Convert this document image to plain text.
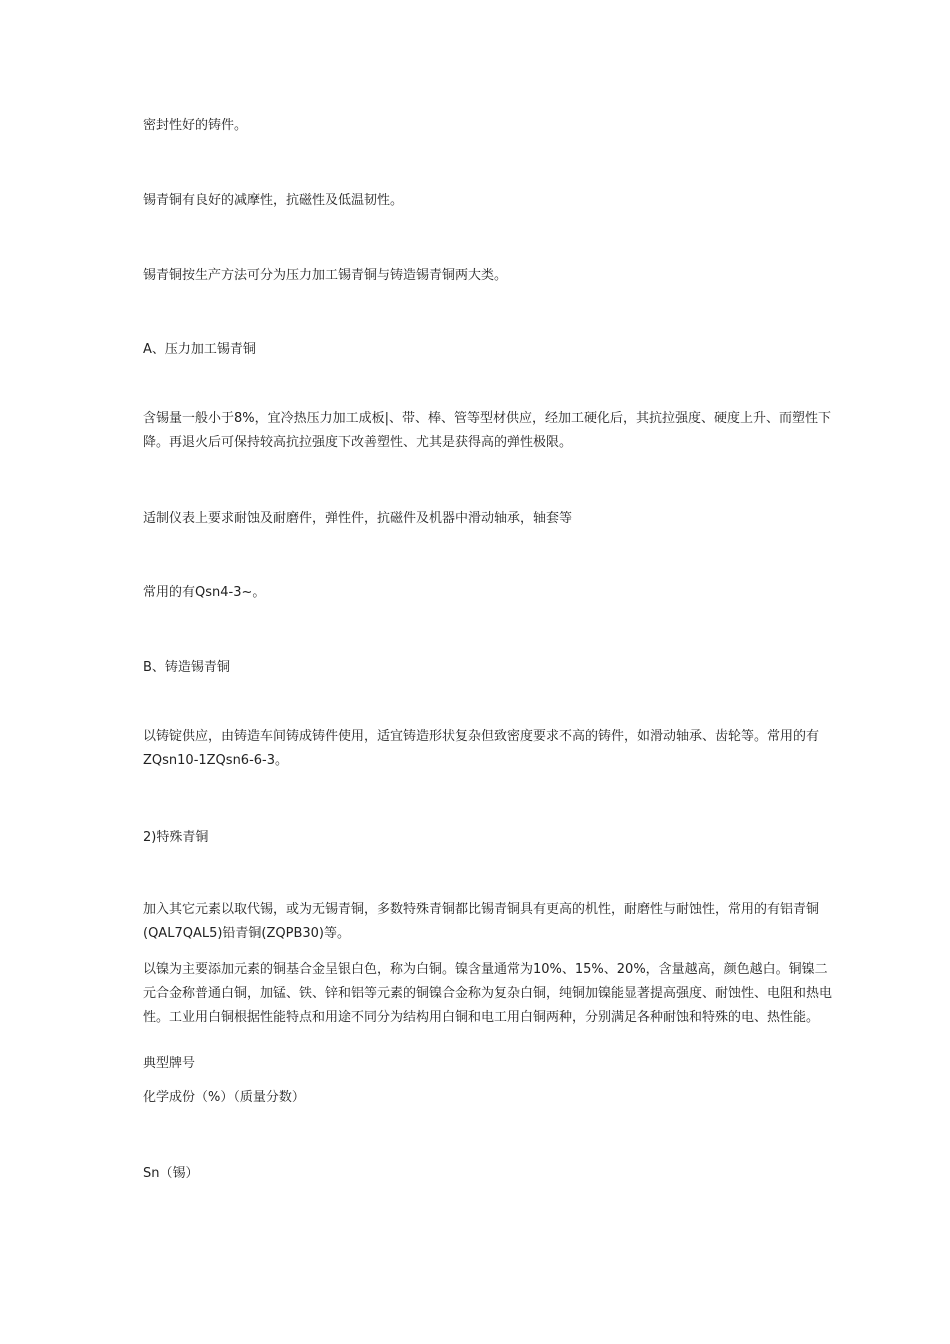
密封性好的铸件。

锡青铜有良好的减摩性，抗磁性及低温韧性。

锡青铜按生产方法可分为压力加工锡青铜与铸造锡青铜两大类。

A、压力加工锡青铜

含锡量一般小于8%，宜冷热压力加工成板|、带、棒、管等型材供应，经加工硬化后，其抗拉强度、硬度上升、而塑性下降。再退火后可保持较高抗拉强度下改善塑性、尤其是获得高的弹性极限。

适制仪表上要求耐蚀及耐磨件，弹性件，抗磁件及机器中滑动轴承，轴套等

常用的有Qsn4-3~。

B、铸造锡青铜

以铸锭供应，由铸造车间铸成铸件使用，适宜铸造形状复杂但致密度要求不高的铸件，如滑动轴承、齿轮等。常用的有ZQsn10-1ZQsn6-6-3。

2)特殊青铜

加入其它元素以取代锡，或为无锡青铜，多数特殊青铜都比锡青铜具有更高的机性，耐磨性与耐蚀性，常用的有铝青铜(QAL7QAL5)铅青铜(ZQPB30)等。

以镍为主要添加元素的铜基合金呈银白色，称为白铜。镍含量通常为10%、15%、20%，含量越高，颜色越白。铜镍二元合金称普通白铜，加锰、铁、锌和铝等元素的铜镍合金称为复杂白铜，纯铜加镍能显著提高强度、耐蚀性、电阻和热电性。工业用白铜根据性能特点和用途不同分为结构用白铜和电工用白铜两种，分别满足各种耐蚀和特殊的电、热性能。

典型牌号

化学成份（%）（质量分数）

Sn（锡）
